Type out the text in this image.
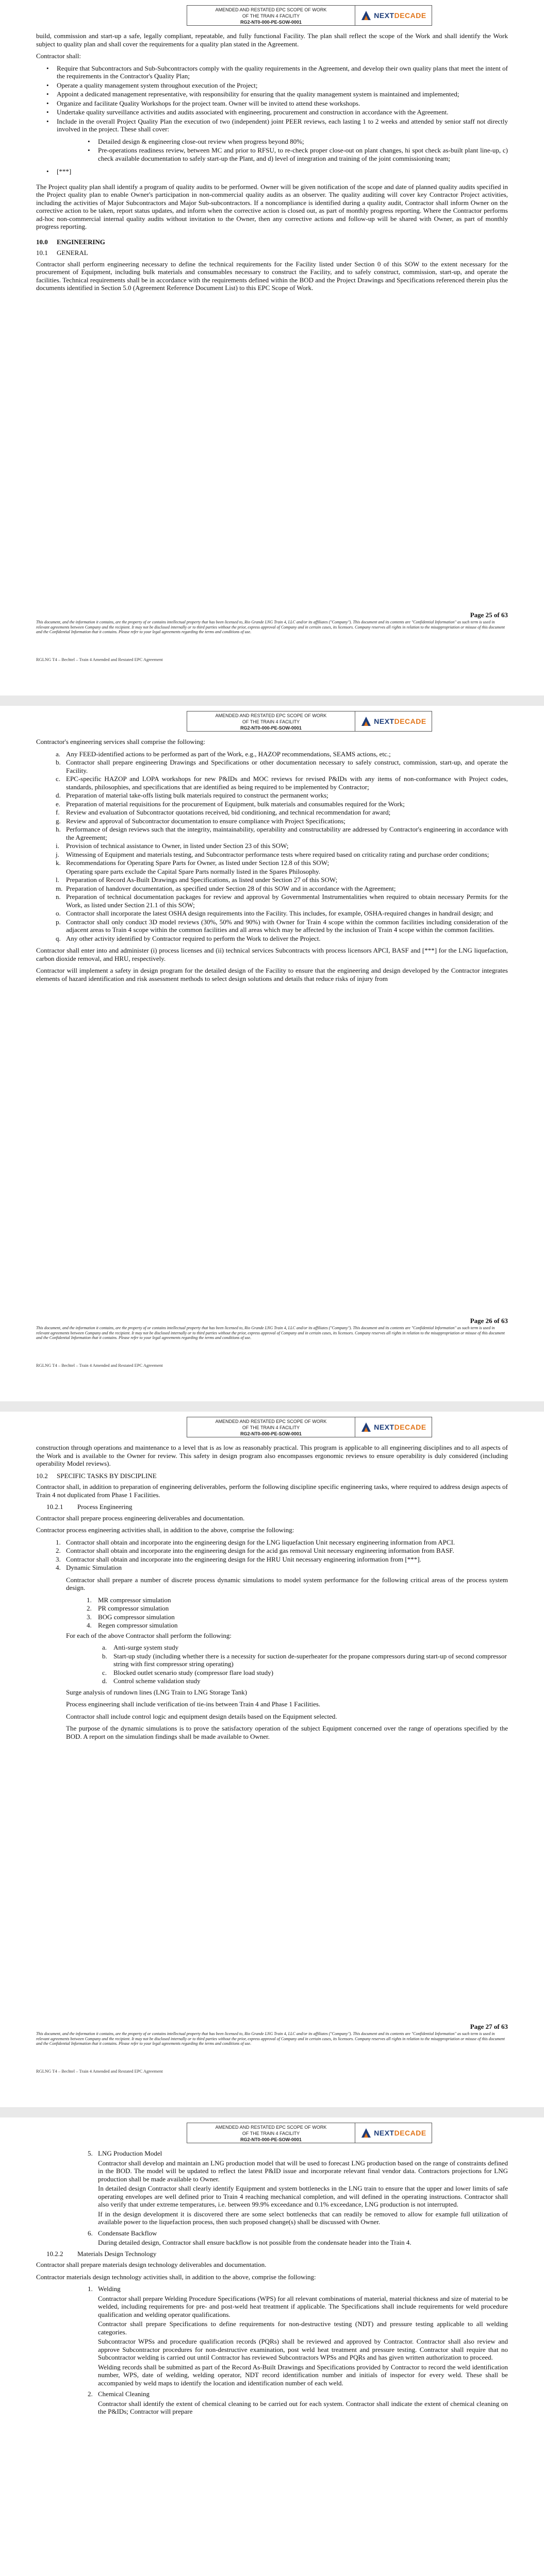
AMENDED AND RESTATED EPC SCOPE OF WORK
OF THE TRAIN 4 FACILITY
RG2-NT0-000-PE-SOW-0001
NEXTDECADE

build, commission and start-up a safe, legally compliant, repeatable, and fully functional Facility. The plan shall reflect the scope of the Work and shall identify the Work subject to quality plan and shall cover the requirements for a quality plan stated in the Agreement.

Contractor shall:

• Require that Subcontractors and Sub-Subcontractors comply with the quality requirements in the Agreement, and develop their own quality plans that meet the intent of the requirements in the Contractor's Quality Plan;
• Operate a quality management system throughout execution of the Project;
• Appoint a dedicated management representative, with responsibility for ensuring that the quality management system is maintained and implemented;
• Organize and facilitate Quality Workshops for the project team. Owner will be invited to attend these workshops.
• Undertake quality surveillance activities and audits associated with engineering, procurement and construction in accordance with the Agreement.
• Include in the overall Project Quality Plan the execution of two (independent) joint PEER reviews, each lasting 1 to 2 weeks and attended by senior staff not directly involved in the project. These shall cover:
• Detailed design & engineering close-out review when progress beyond 80%;
• Pre-operations readiness review, between MC and prior to RFSU, to re-check proper close-out on plant changes, hi spot check as-built plant line-up, c) check available documentation to safely start-up the Plant, and d) level of integration and training of the joint commissioning team;
• [***]

The Project quality plan shall identify a program of quality audits to be performed. Owner will be given notification of the scope and date of planned quality audits specified in the Project quality plan to enable Owner's participation in non-commercial quality audits as an observer. The quality auditing will cover key Contractor Project activities, including the activities of Major Subcontractors and Major Sub-subcontractors. If a noncompliance is identified during a quality audit, Contractor shall inform Owner on the corrective action to be taken, report status updates, and inform when the corrective action is closed out, as part of monthly progress reporting. Where the Contractor performs ad-hoc non-commercial internal quality audits without invitation to the Owner, then any corrective actions and follow-up will be shared with Owner, as part of monthly progress reporting.

10.0	ENGINEERING
10.1	GENERAL

Contractor shall perform engineering necessary to define the technical requirements for the Facility listed under Section 0 of this SOW to the extent necessary for the procurement of Equipment, including bulk materials and consumables necessary to construct the Facility, and to safely construct, commission, start-up, and operate the facilities. Technical requirements shall be in accordance with the requirements defined within the BOD and the Project Drawings and Specifications referenced therein plus the documents identified in Section 5.0 (Agreement Reference Document List) to this EPC Scope of Work.

Page 25 of 63
This document, and the information it contains, are the property of or contains intellectual property that has been licensed to, Rio Grande LNG Train 4, LLC and/or its affiliates ("Company"). This document and its contents are "Confidential Information" as such term is used in relevant agreements between Company and the recipient. It may not be disclosed internally or to third parties without the prior, express approval of Company and in certain cases, its licensors. Company reserves all rights in relation to the misappropriation or misuse of this document and the Confidential Information that it contains. Please refer to your legal agreements regarding the terms and conditions of use.
RGLNG T4 – Bechtel – Train 4 Amended and Restated EPC Agreement
AMENDED AND RESTATED EPC SCOPE OF WORK
OF THE TRAIN 4 FACILITY
RG2-NT0-000-PE-SOW-0001
NEXTDECADE

Contractor's engineering services shall comprise the following:

a. Any FEED-identified actions to be performed as part of the Work, e.g., HAZOP recommendations, SEAMS actions, etc.;
b. Contractor shall prepare engineering Drawings and Specifications or other documentation necessary to safely construct, commission, start-up, and operate the Facility.
c. EPC-specific HAZOP and LOPA workshops for new P&IDs and MOC reviews for revised P&IDs with any items of non-conformance with Project codes, standards, philosophies, and specifications that are identified as being required to be implemented by Contractor;
d. Preparation of material take-offs listing bulk materials required to construct the permanent works;
e. Preparation of material requisitions for the procurement of Equipment, bulk materials and consumables required for the Work;
f. Review and evaluation of Subcontractor quotations received, bid conditioning, and technical recommendation for award;
g. Review and approval of Subcontractor documentation to ensure compliance with Project Specifications;
h. Performance of design reviews such that the integrity, maintainability, operability and constructability are addressed by Contractor's engineering in accordance with the Agreement;
i. Provision of technical assistance to Owner, in listed under Section 23 of this SOW;
j. Witnessing of Equipment and materials testing, and Subcontractor performance tests where required based on criticality rating and purchase order conditions;
k. Recommendations for Operating Spare Parts for Owner, as listed under Section 12.8 of this SOW;
Operating spare parts exclude the Capital Spare Parts normally listed in the Spares Philosophy.
l. Preparation of Record As-Built Drawings and Specifications, as listed under Section 27 of this SOW;
m. Preparation of handover documentation, as specified under Section 28 of this SOW and in accordance with the Agreement;
n. Preparation of technical documentation packages for review and approval by Governmental Instrumentalities when required to obtain necessary Permits for the Work, as listed under Section 21.1 of this SOW;
o. Contractor shall incorporate the latest OSHA design requirements into the Facility. This includes, for example, OSHA-required changes in handrail design; and
p. Contractor shall only conduct 3D model reviews (30%, 50% and 90%) with Owner for Train 4 scope within the common facilities including consideration of the adjacent areas to Train 4 scope within the common facilities and all areas which may be affected by the inclusion of Train 4 scope within the common facilities.
q. Any other activity identified by Contractor required to perform the Work to deliver the Project.

Contractor shall enter into and administer (i) process licenses and (ii) technical services Subcontracts with process licensors APCI, BASF and [***] for the LNG liquefaction, carbon dioxide removal, and HRU, respectively.

Contractor will implement a safety in design program for the detailed design of the Facility to ensure that the engineering and design developed by the Contractor integrates elements of hazard identification and risk assessment methods to select design solutions and details that reduce risks of injury from

Page 26 of 63
This document, and the information it contains, are the property of or contains intellectual property that has been licensed to, Rio Grande LNG Train 4, LLC and/or its affiliates ("Company"). This document and its contents are "Confidential Information" as such term is used in relevant agreements between Company and the recipient. It may not be disclosed internally or to third parties without the prior, express approval of Company and in certain cases, its licensors. Company reserves all rights in relation to the misappropriation or misuse of this document and the Confidential Information that it contains. Please refer to your legal agreements regarding the terms and conditions of use.
RGLNG T4 – Bechtel – Train 4 Amended and Restated EPC Agreement
AMENDED AND RESTATED EPC SCOPE OF WORK
OF THE TRAIN 4 FACILITY
RG2-NT0-000-PE-SOW-0001
NEXTDECADE

construction through operations and maintenance to a level that is as low as reasonably practical. This program is applicable to all engineering disciplines and to all aspects of the Work and is available to the Owner for review. This safety in design program also encompasses ergonomic reviews to ensure operability is duly considered (including operability Model reviews).

10.2	SPECIFIC TASKS BY DISCIPLINE

Contractor shall, in addition to preparation of engineering deliverables, perform the following discipline specific engineering tasks, where required to address design aspects of Train 4 not duplicated from Phase 1 Facilities.

10.2.1	Process Engineering

Contractor shall prepare process engineering deliverables and documentation.

Contractor process engineering activities shall, in addition to the above, comprise the following:

1. Contractor shall obtain and incorporate into the engineering design for the LNG liquefaction Unit necessary engineering information from APCI.
2. Contractor shall obtain and incorporate into the engineering design for the acid gas removal Unit necessary engineering information from BASF.
3. Contractor shall obtain and incorporate into the engineering design for the HRU Unit necessary engineering information from [***].
4. Dynamic Simulation

Contractor shall prepare a number of discrete process dynamic simulations to model system performance for the following critical areas of the process system design.

1. MR compressor simulation
2. PR compressor simulation
3. BOG compressor simulation
4. Regen compressor simulation

For each of the above Contractor shall perform the following:

a. Anti-surge system study
b. Start-up study (including whether there is a necessity for suction de-superheater for the propane compressors during start-up of second compressor string with first compressor string operating)
c. Blocked outlet scenario study (compressor flare load study)
d. Control scheme validation study

Surge analysis of rundown lines (LNG Train to LNG Storage Tank)

Process engineering shall include verification of tie-ins between Train 4 and Phase 1 Facilities.

Contractor shall include control logic and equipment design details based on the Equipment selected.

The purpose of the dynamic simulations is to prove the satisfactory operation of the subject Equipment concerned over the range of operations specified by the BOD. A report on the simulation findings shall be made available to Owner.

Page 27 of 63
This document, and the information it contains, are the property of or contains intellectual property that has been licensed to, Rio Grande LNG Train 4, LLC and/or its affiliates ("Company"). This document and its contents are "Confidential Information" as such term is used in relevant agreements between Company and the recipient. It may not be disclosed internally or to third parties without the prior, express approval of Company and in certain cases, its licensors. Company reserves all rights in relation to the misappropriation or misuse of this document and the Confidential Information that it contains. Please refer to your legal agreements regarding the terms and conditions of use.
RGLNG T4 – Bechtel – Train 4 Amended and Restated EPC Agreement
AMENDED AND RESTATED EPC SCOPE OF WORK
OF THE TRAIN 4 FACILITY
RG2-NT0-000-PE-SOW-0001
NEXTDECADE
5. LNG Production Model

Contractor shall develop and maintain an LNG production model that will be used to forecast LNG production based on the range of constraints defined in the BOD. The model will be updated to reflect the latest P&ID issue and incorporate relevant final vendor data. Contractors projections for LNG production shall be made available to Owner.

In detailed design Contractor shall clearly identify Equipment and system bottlenecks in the LNG train to ensure that the upper and lower limits of safe operating envelopes are well defined prior to Train 4 reaching mechanical completion, and will defined in the operating instructions. Contractor shall also verify that under extreme temperatures, i.e. between 99.9% exceedance and 0.1% exceedance, LNG production is not interrupted.

If in the design development it is discovered there are some select bottlenecks that can readily be removed to allow for example full utilization of available power to the liquefaction process, then such proposed change(s) shall be discussed with Owner.

6. Condensate Backflow

During detailed design, Contractor shall ensure backflow is not possible from the condensate header into the Train 4.

10.2.2	Materials Design Technology

Contractor shall prepare materials design technology deliverables and documentation.

Contractor materials design technology activities shall, in addition to the above, comprise the following:

1. Welding

Contractor shall prepare Welding Procedure Specifications (WPS) for all relevant combinations of material, material thickness and size of material to be welded, including requirements for pre- and post-weld heat treatment if applicable. The Specifications shall include requirements for weld procedure qualification and welding operator qualifications.

Contractor shall prepare Specifications to define requirements for non-destructive testing (NDT) and pressure testing applicable to all welding categories.

Subcontractor WPSs and procedure qualification records (PQRs) shall be reviewed and approved by Contractor. Contractor shall also review and approve Subcontractor procedures for non-destructive examination, post weld heat treatment and pressure testing. Contractor shall require that no Subcontractor welding is carried out until Contractor has reviewed Subcontractors WPSs and PQRs and has given written authorization to proceed.

Welding records shall be submitted as part of the Record As-Built Drawings and Specifications provided by Contractor to record the weld identification number, WPS, date of welding, welding operator, NDT record identification number and initials of inspector for every weld. These shall be accompanied by weld maps to identify the location and identification number of each weld.

2. Chemical Cleaning

Contractor shall identify the extent of chemical cleaning to be carried out for each system. Contractor shall indicate the extent of chemical cleaning on the P&IDs; Contractor will prepare
